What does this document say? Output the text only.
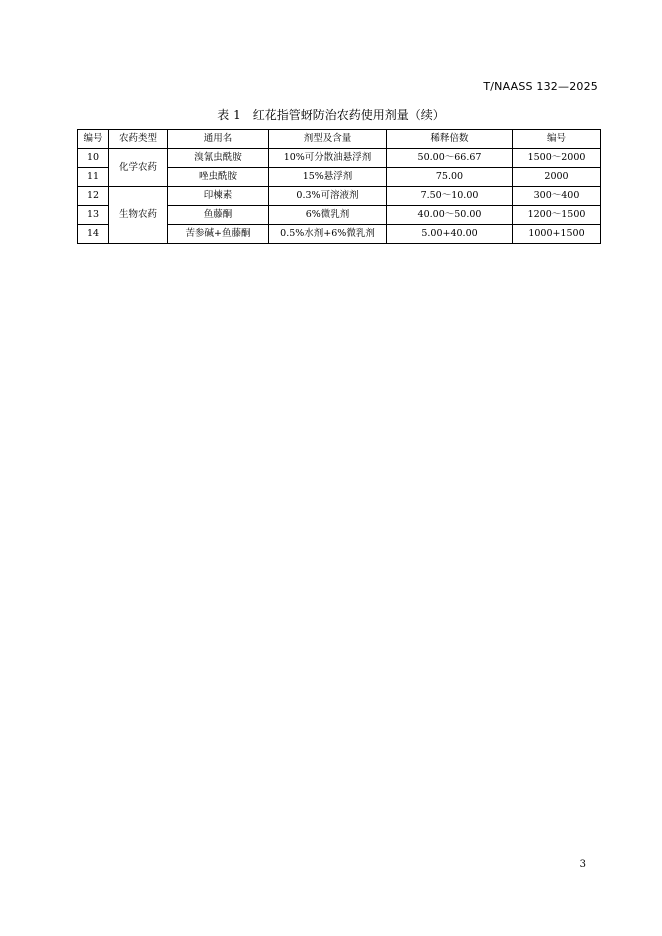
T/NAASS 132—2025
表 1　红花指管蚜防治农药使用剂量（续）
编号	农药类型	通用名	剂型及含量	稀释倍数	编号
10	化学农药	溴氰虫酰胺	10%可分散油悬浮剂	50.00～66.67	1500～2000
11		唑虫酰胺	15%悬浮剂	75.00	2000
12	生物农药	印楝素	0.3%可溶液剂	7.50～10.00	300～400
13		鱼藤酮	6%微乳剂	40.00～50.00	1200～1500
14		苦参碱+鱼藤酮	0.5%水剂+6%微乳剂	5.00+40.00	1000+1500
3
